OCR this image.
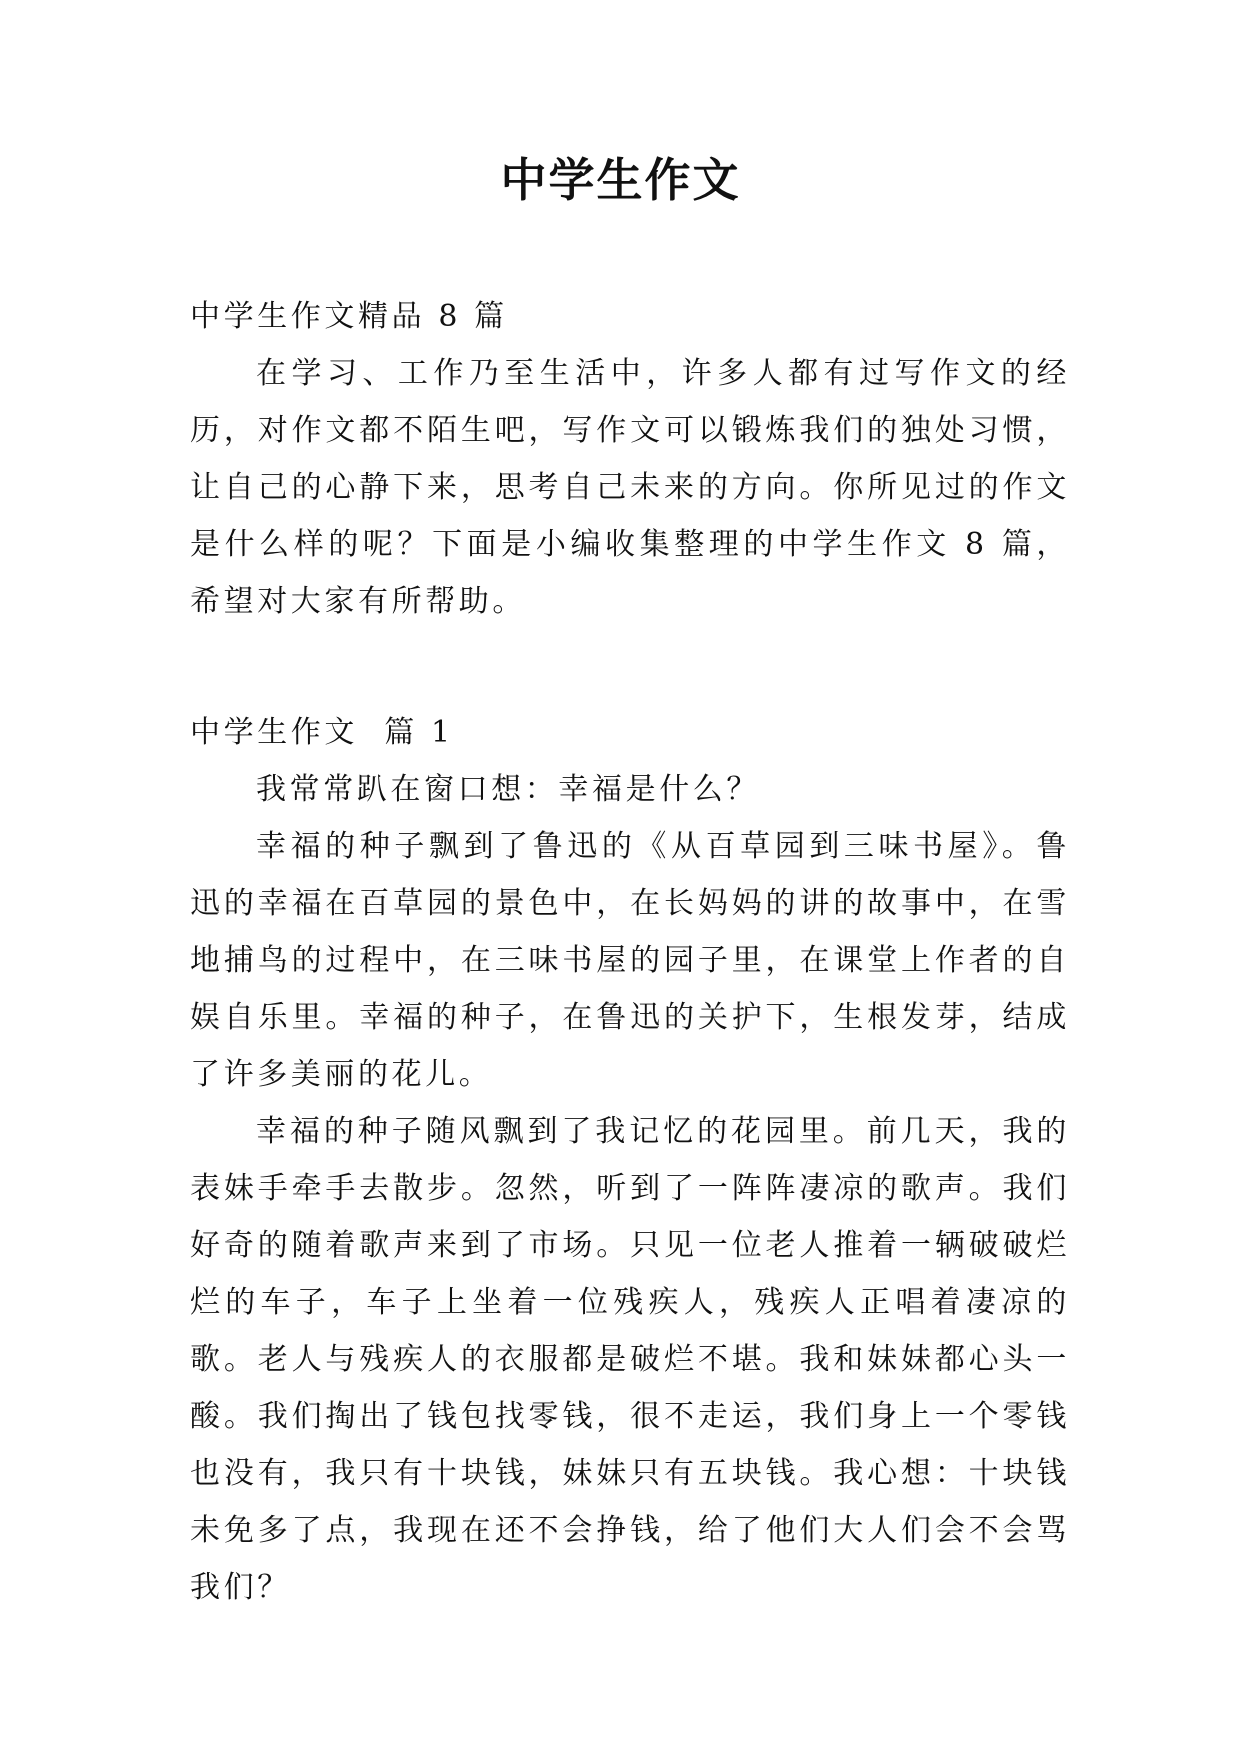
中学生作文

中学生作文精品 8 篇

在学习、工作乃至生活中，许多人都有过写作文的经历，对作文都不陌生吧，写作文可以锻炼我们的独处习惯，让自己的心静下来，思考自己未来的方向。你所见过的作文是什么样的呢？下面是小编收集整理的中学生作文 8 篇，希望对大家有所帮助。

中学生作文  篇 1

我常常趴在窗口想：幸福是什么？

幸福的种子飘到了鲁迅的《从百草园到三味书屋》。鲁迅的幸福在百草园的景色中，在长妈妈的讲的故事中，在雪地捕鸟的过程中，在三味书屋的园子里，在课堂上作者的自娱自乐里。幸福的种子，在鲁迅的关护下，生根发芽，结成了许多美丽的花儿。

幸福的种子随风飘到了我记忆的花园里。前几天，我的表妹手牵手去散步。忽然，听到了一阵阵凄凉的歌声。我们好奇的随着歌声来到了市场。只见一位老人推着一辆破破烂烂的车子，车子上坐着一位残疾人，残疾人正唱着凄凉的歌。老人与残疾人的衣服都是破烂不堪。我和妹妹都心头一酸。我们掏出了钱包找零钱，很不走运，我们身上一个零钱也没有，我只有十块钱，妹妹只有五块钱。我心想：十块钱未免多了点，我现在还不会挣钱，给了他们大人们会不会骂我们？
